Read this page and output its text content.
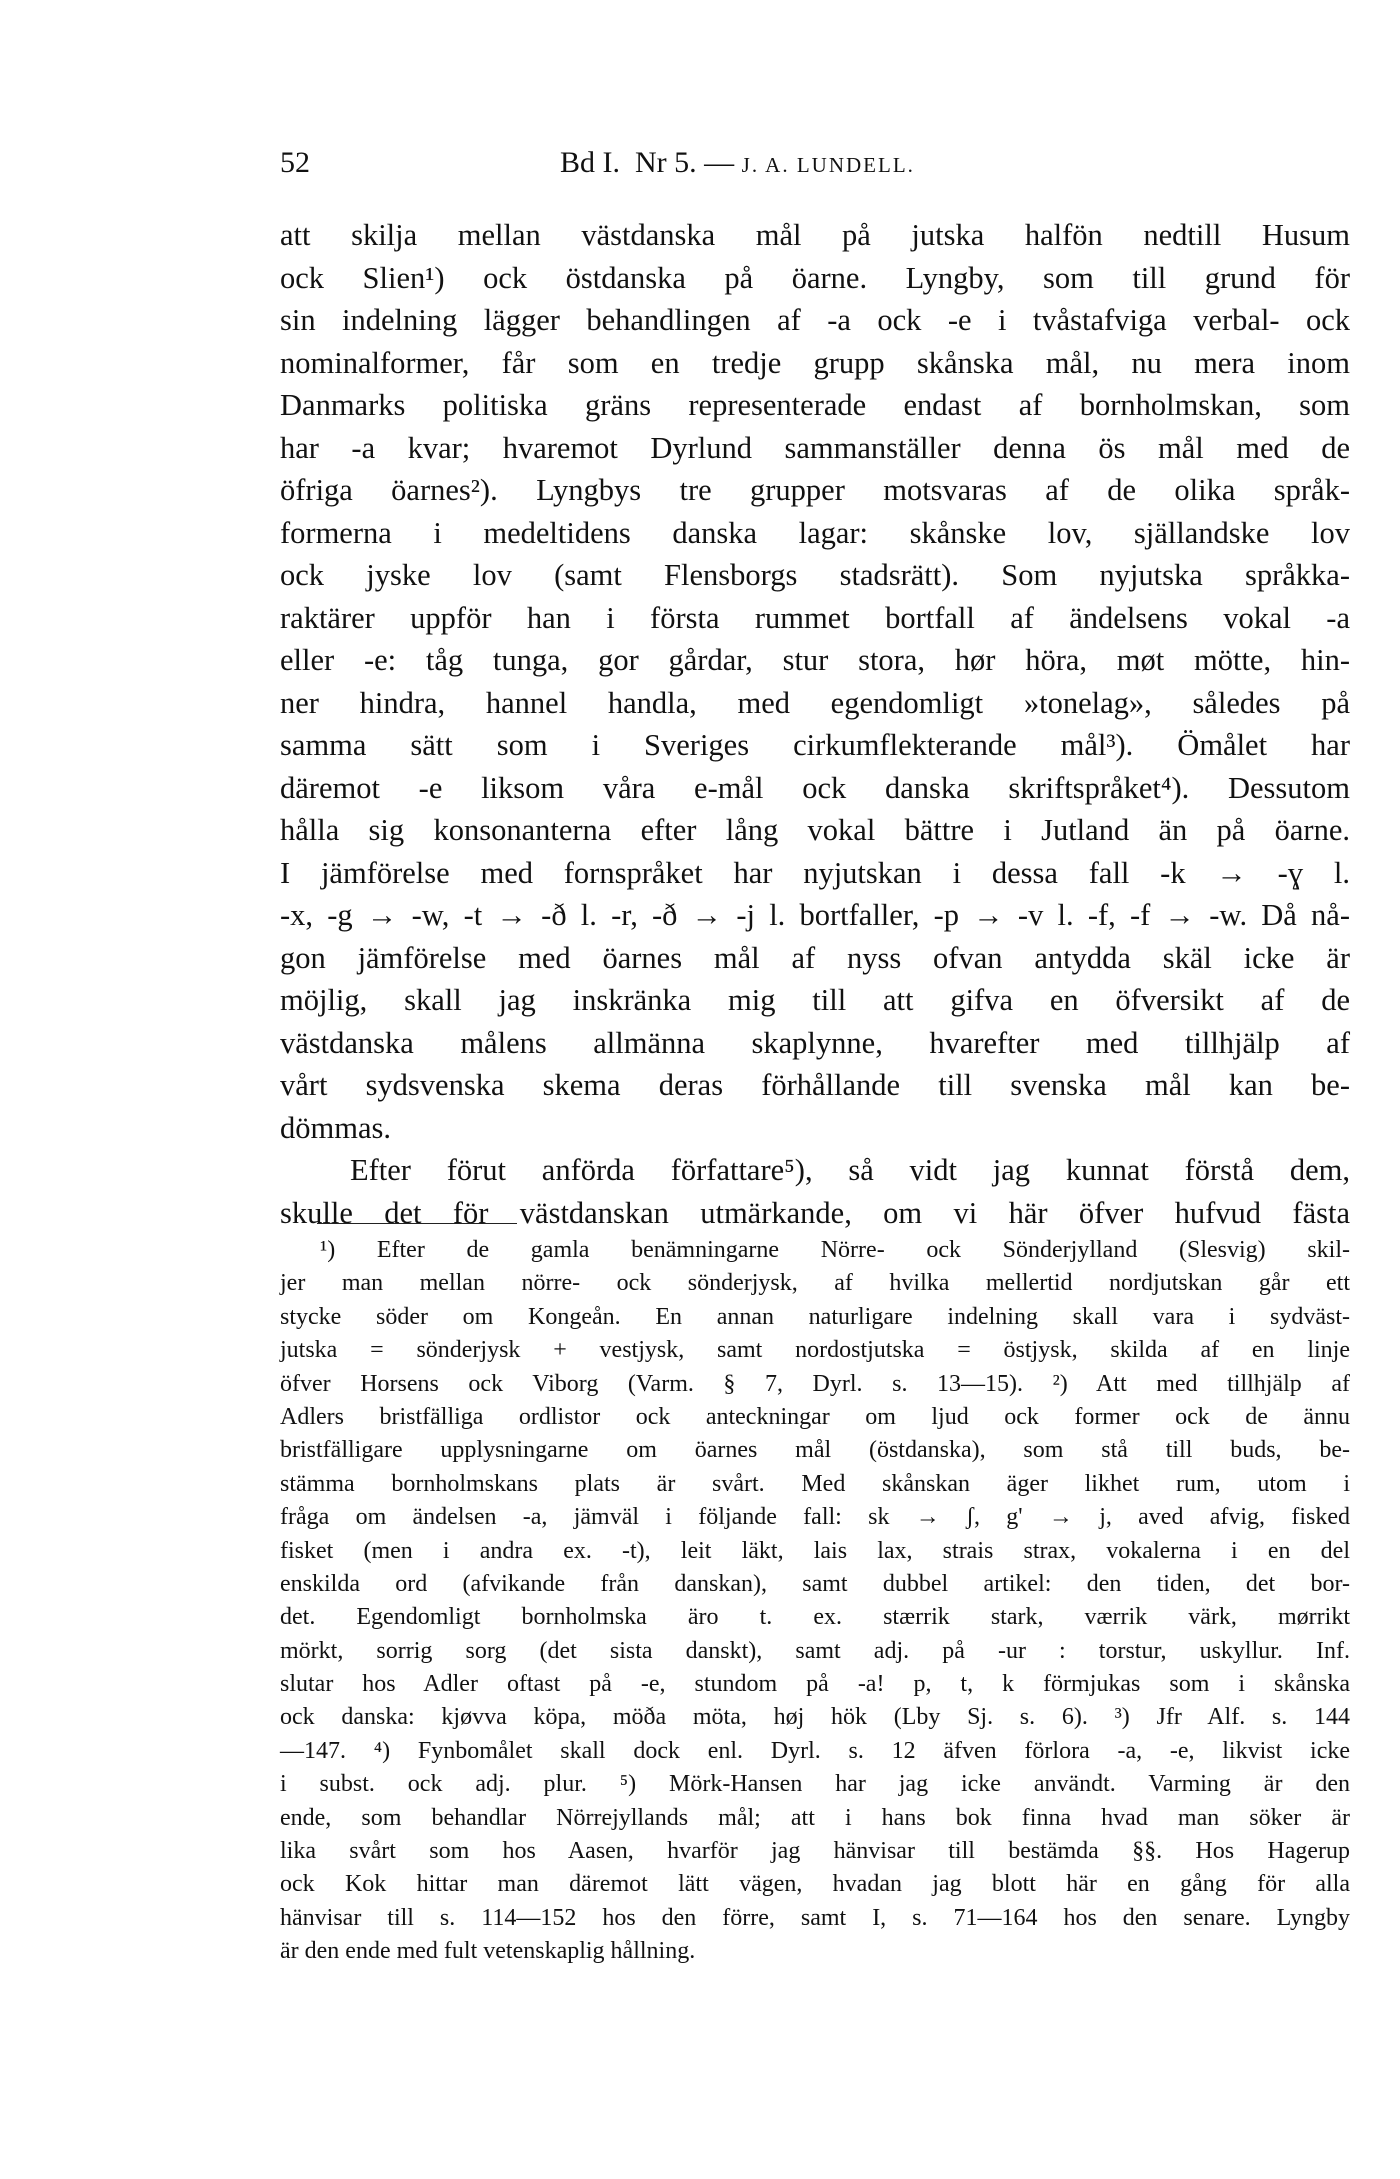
52	Bd I.  Nr 5. — J. A. LUNDELL.
att skilja mellan västdanska mål på jutska halfön nedtill Husum
ock Slien¹) ock östdanska på öarne. Lyngby, som till grund för
sin indelning lägger behandlingen af -a ock -e i tvåstafviga verbal- ock
nominalformer, får som en tredje grupp skånska mål, nu mera inom
Danmarks politiska gräns representerade endast af bornholmskan, som
har -a kvar; hvaremot Dyrlund sammanställer denna ös mål med de
öfriga öarnes²). Lyngbys tre grupper motsvaras af de olika språk-
formerna i medeltidens danska lagar: skånske lov, själlandske lov
ock jyske lov (samt Flensborgs stadsrätt). Som nyjutska språkka-
raktärer uppför han i första rummet bortfall af ändelsens vokal -a
eller -e: tåg tunga, gor gårdar, stur stora, hør höra, møt mötte, hin-
ner hindra, hannel handla, med egendomligt »tonelag», således på
samma sätt som i Sveriges cirkumflekterande mål³). Ömålet har
däremot -e liksom våra e-mål ock danska skriftspråket⁴). Dessutom
hålla sig konsonanterna efter lång vokal bättre i Jutland än på öarne.
I jämförelse med fornspråket har nyjutskan i dessa fall -k → -ɣ l.
-x, -g → -w, -t → -ð l. -r, -ð → -j l. bortfaller, -p → -v l. -f, -f → -w. Då nå-
gon jämförelse med öarnes mål af nyss ofvan antydda skäl icke är
möjlig, skall jag inskränka mig till att gifva en öfversikt af de
västdanska målens allmänna skaplynne, hvarefter med tillhjälp af
vårt sydsvenska skema deras förhållande till svenska mål kan be-
dömmas.
Efter förut anförda författare⁵), så vidt jag kunnat förstå dem,
skulle det för västdanskan utmärkande, om vi här öfver hufvud fästa
¹) Efter de gamla benämningarne Nörre- ock Sönderjylland (Slesvig) skil-
jer man mellan nörre- ock sönderjysk, af hvilka mellertid nordjutskan går ett
stycke söder om Kongeån. En annan naturligare indelning skall vara i sydväst-
jutska = sönderjysk + vestjysk, samt nordostjutska = östjysk, skilda af en linje
öfver Horsens ock Viborg (Varm. § 7, Dyrl. s. 13—15). ²) Att med tillhjälp af
Adlers bristfälliga ordlistor ock anteckningar om ljud ock former ock de ännu
bristfälligare upplysningarne om öarnes mål (östdanska), som stå till buds, be-
stämma bornholmskans plats är svårt. Med skånskan äger likhet rum, utom i
fråga om ändelsen -a, jämväl i följande fall: sk → ʃ, g' → j, aved afvig, fisked
fisket (men i andra ex. -t), leit läkt, lais lax, strais strax, vokalerna i en del
enskilda ord (afvikande från danskan), samt dubbel artikel: den tiden, det bor-
det. Egendomligt bornholmska äro t. ex. stærrik stark, værrik värk, mørrikt
mörkt, sorrig sorg (det sista danskt), samt adj. på -ur : torstur, uskyllur. Inf.
slutar hos Adler oftast på -e, stundom på -a! p, t, k förmjukas som i skånska
ock danska: kjøvva köpa, möða möta, høj hök (Lby Sj. s. 6). ³) Jfr Alf. s. 144
—147. ⁴) Fynbomålet skall dock enl. Dyrl. s. 12 äfven förlora -a, -e, likvist icke
i subst. ock adj. plur. ⁵) Mörk-Hansen har jag icke användt. Varming är den
ende, som behandlar Nörrejyllands mål; att i hans bok finna hvad man söker är
lika svårt som hos Aasen, hvarför jag hänvisar till bestämda §§. Hos Hagerup
ock Kok hittar man däremot lätt vägen, hvadan jag blott här en gång för alla
hänvisar till s. 114—152 hos den förre, samt I, s. 71—164 hos den senare. Lyngby
är den ende med fult vetenskaplig hållning.
